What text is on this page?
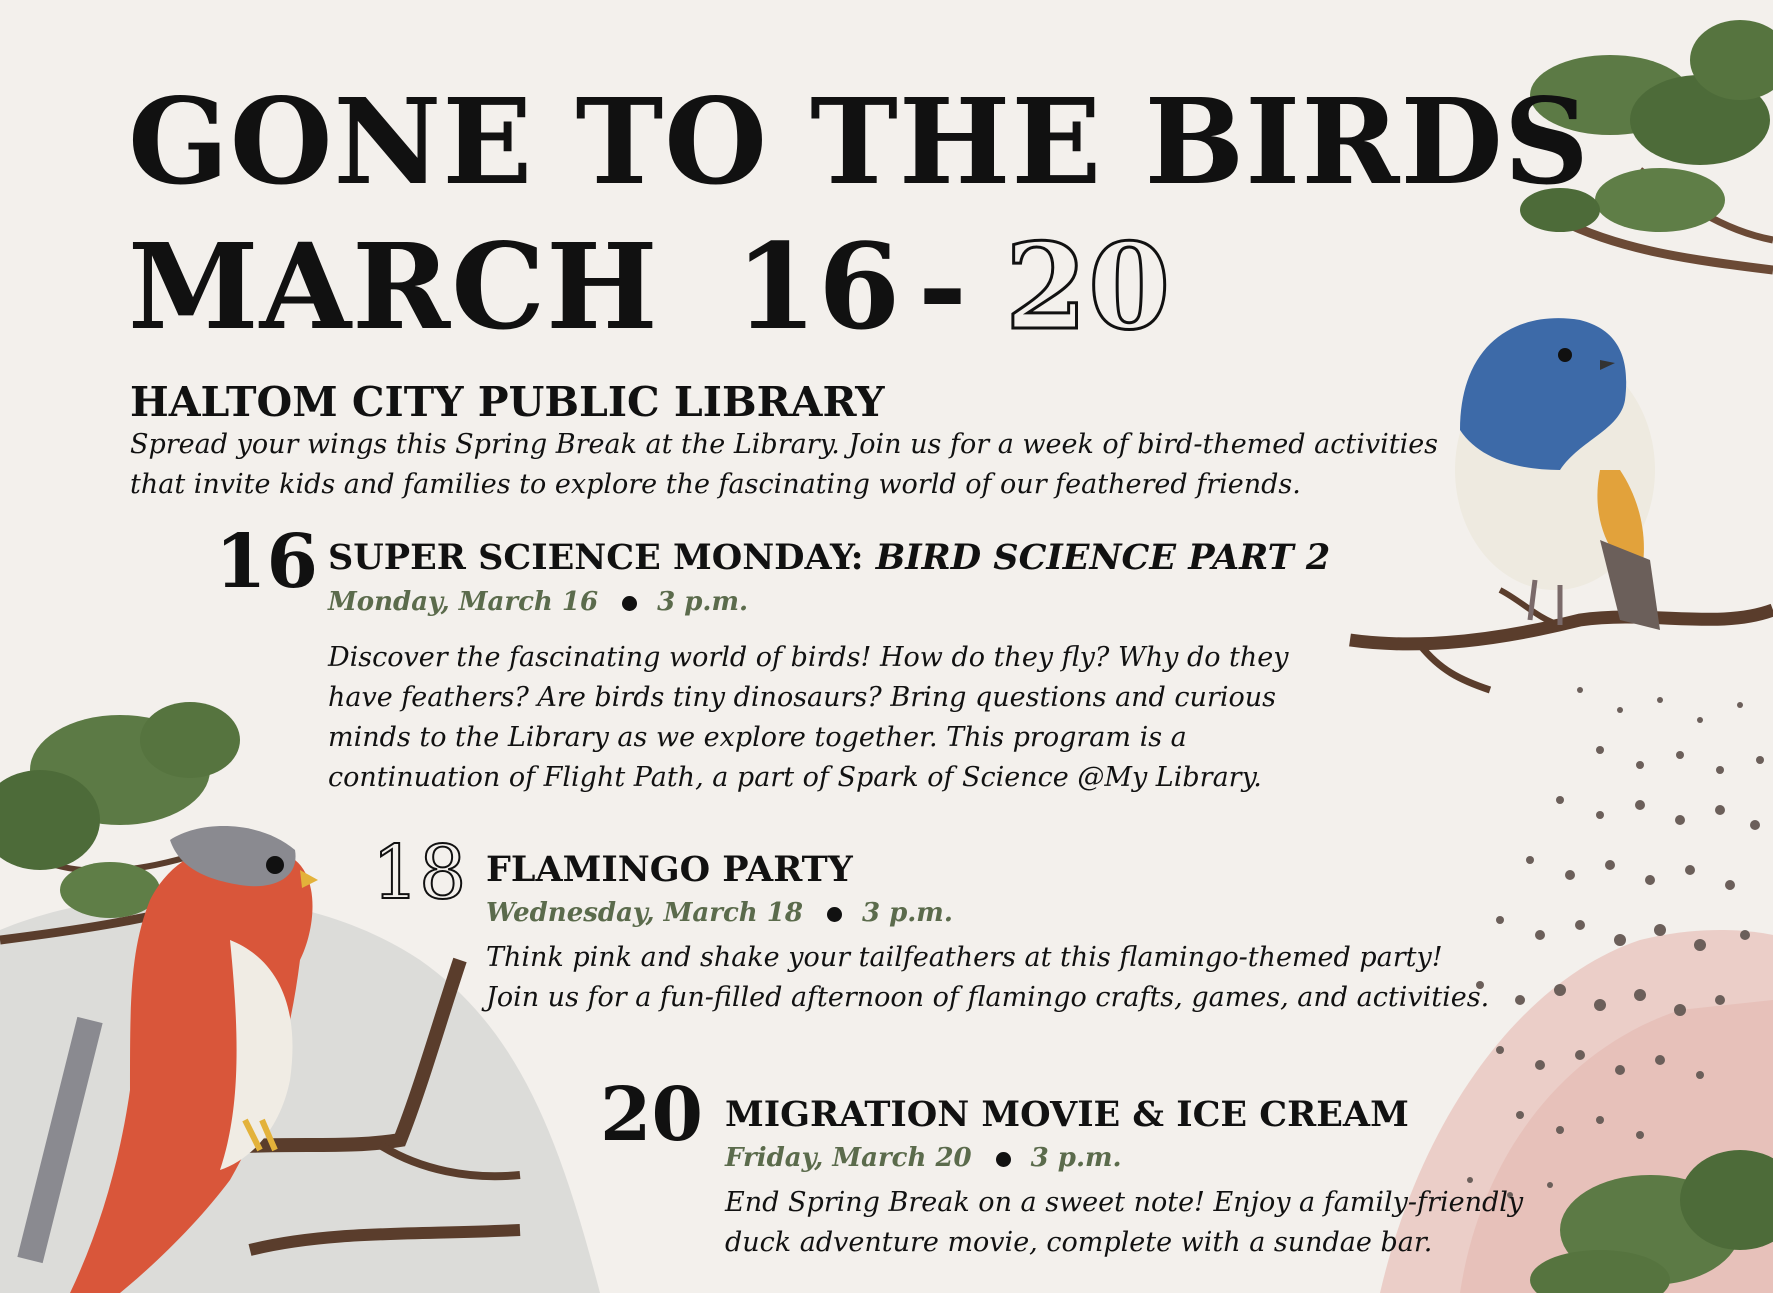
GONE TO THE BIRDS
MARCH 16 - 20
HALTOM CITY PUBLIC LIBRARY
Spread your wings this Spring Break at the Library. Join us for a week of bird-themed activities that invite kids and families to explore the fascinating world of our feathered friends.
16 SUPER SCIENCE MONDAY: BIRD SCIENCE PART 2
Monday, March 16 3 p.m.
Discover the fascinating world of birds! How do they fly? Why do they have feathers? Are birds tiny dinosaurs? Bring questions and curious minds to the Library as we explore together. This program is a continuation of Flight Path, a part of Spark of Science @My Library.
18 FLAMINGO PARTY
Wednesday, March 18 3 p.m.
Think pink and shake your tailfeathers at this flamingo-themed party! Join us for a fun-filled afternoon of flamingo crafts, games, and activities.
20 MIGRATION MOVIE & ICE CREAM
Friday, March 20 3 p.m.
End Spring Break on a sweet note! Enjoy a family-friendly duck adventure movie, complete with a sundae bar.
